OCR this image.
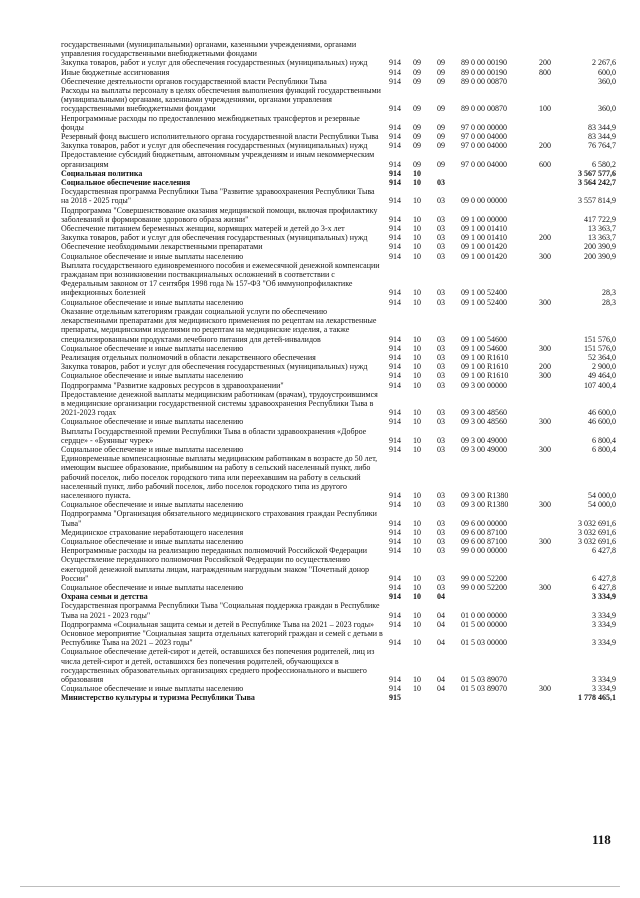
государственными (муниципальными) органами, казенными учреждениями, органами управления государственными внебюджетными фондами
Закупка товаров, работ и услуг для обеспечения государственных (муниципальных) нужд	914	09	09	89 0 00 00190	200	2 267,6
Иные бюджетные ассигнования	914	09	09	89 0 00 00190	800	600,0
Обеспечение деятельности органов государственной власти Республики Тыва	914	09	09	89 0 00 00870	360,0
Расходы на выплаты персоналу в целях обеспечения выполнения функций государственными (муниципальными) органами, казенными учреждениями, органами управления государственными внебюджетными фондами	914	09	09	89 0 00 00870	100	360,0
Непрограммные расходы по предоставлению межбюджетных трансфертов и резервные фонды	914	09	09	97 0 00 00000	83 344,9
Резервный фонд высшего исполнительного органа государственной власти Республики Тыва	914	09	09	97 0 00 04000	83 344,9
Закупка товаров, работ и услуг для обеспечения государственных (муниципальных) нужд	914	09	09	97 0 00 04000	200	76 764,7
Предоставление субсидий бюджетным, автономным учреждениям и иным некоммерческим организациям	914	09	09	97 0 00 04000	600	6 580,2
Социальная политика	914	10	3 567 577,6
Социальное обеспечение населения	914	10	03	3 564 242,7
Государственная программа Республики Тыва "Развитие здравоохранения Республики Тыва на 2018 - 2025 годы"	914	10	03	09 0 00 00000	3 557 814,9
Подпрограмма "Совершенствование оказания медицинской помощи, включая профилактику заболеваний и формирование здорового образа жизни"	914	10	03	09 1 00 00000	417 722,9
Обеспечение питанием беременных женщин, кормящих матерей и детей до 3-х лет	914	10	03	09 1 00 01410	13 363,7
Закупка товаров, работ и услуг для обеспечения государственных (муниципальных) нужд	914	10	03	09 1 00 01410	200	13 363,7
Обеспечение необходимыми лекарственными препаратами	914	10	03	09 1 00 01420	200 390,9
Социальное обеспечение и иные выплаты населению	914	10	03	09 1 00 01420	300	200 390,9
Выплата государственного единовременного пособия и ежемесячной денежной компенсации гражданам при возникновении поствакцинальных осложнений в соответствии с Федеральным законом от 17 сентября 1998 года № 157-ФЗ "Об иммунопрофилактике инфекционных болезней	914	10	03	09 1 00 52400	28,3
Социальное обеспечение и иные выплаты населению	914	10	03	09 1 00 52400	300	28,3
Оказание отдельным категориям граждан социальной услуги по обеспечению лекарственными препаратами для медицинского применения по рецептам на лекарственные препараты, медицинскими изделиями по рецептам на медицинские изделия, а также специализированными продуктами лечебного питания для детей-инвалидов	914	10	03	09 1 00 54600	151 576,0
Социальное обеспечение и иные выплаты населению	914	10	03	09 1 00 54600	300	151 576,0
Реализация отдельных полномочий в области лекарственного обеспечения	914	10	03	09 1 00 R1610	52 364,0
Закупка товаров, работ и услуг для обеспечения государственных (муниципальных) нужд	914	10	03	09 1 00 R1610	200	2 900,0
Социальное обеспечение и иные выплаты населению	914	10	03	09 1 00 R1610	300	49 464,0
Подпрограмма "Развитие кадровых ресурсов в здравоохранении"	914	10	03	09 3 00 00000	107 400,4
Предоставление денежной выплаты медицинским работникам (врачам), трудоустроившимся в медицинские организации государственной системы здравоохранения Республики Тыва в 2021-2023 годах	914	10	03	09 3 00 48560	46 600,0
Социальное обеспечение и иные выплаты населению	914	10	03	09 3 00 48560	300	46 600,0
Выплаты Государственной премии Республики Тыва в области здравоохранения «Доброе сердце» - «Буянныг чурек»	914	10	03	09 3 00 49000	6 800,4
Социальное обеспечение и иные выплаты населению	914	10	03	09 3 00 49000	300	6 800,4
Единовременные компенсационные выплаты медицинским работникам в возрасте до 50 лет, имеющим высшее образование, прибывшим на работу в сельский населенный пункт, либо рабочий поселок, либо поселок городского типа или переехавшим на работу в сельский населенный пункт, либо рабочий поселок, либо поселок городского типа из другого населенного пункта.	914	10	03	09 3 00 R1380	54 000,0
Социальное обеспечение и иные выплаты населению	914	10	03	09 3 00 R1380	300	54 000,0
Подпрограмма "Организация обязательного медицинского страхования граждан Республики Тыва"	914	10	03	09 6 00 00000	3 032 691,6
Медицинское страхование неработающего населения	914	10	03	09 6 00 87100	3 032 691,6
Социальное обеспечение и иные выплаты населению	914	10	03	09 6 00 87100	300	3 032 691,6
Непрограммные расходы на реализацию переданных полномочий Российской Федерации	914	10	03	99 0 00 00000	6 427,8
Осуществление переданного полномочия Российской Федерации по осуществлению ежегодной денежной выплаты лицам, награжденным нагрудным знаком "Почетный донор России"	914	10	03	99 0 00 52200	6 427,8
Социальное обеспечение и иные выплаты населению	914	10	03	99 0 00 52200	300	6 427,8
Охрана семьи и детства	914	10	04	3 334,9
Государственная программа Республики Тыва "Социальная поддержка граждан в Республике Тыва на 2021 - 2023 годы"	914	10	04	01 0 00 00000	3 334,9
Подпрограмма «Социальная защита семьи и детей в Республике Тыва на 2021 – 2023 годы»	914	10	04	01 5 00 00000	3 334,9
Основное мероприятие "Социальная защита отдельных категорий граждан и семей с детьми в Республике Тыва на 2021 – 2023 годы"	914	10	04	01 5 03 00000	3 334,9
Социальное обеспечение детей-сирот и детей, оставшихся без попечения родителей, лиц из числа детей-сирот и детей, оставшихся без попечения родителей, обучающихся в государственных образовательных организациях среднего профессионального и высшего образования	914	10	04	01 5 03 89070	3 334,9
Социальное обеспечение и иные выплаты населению	914	10	04	01 5 03 89070	300	3 334,9
Министерство культуры и туризма Республики Тыва	915	1 778 465,1
118
